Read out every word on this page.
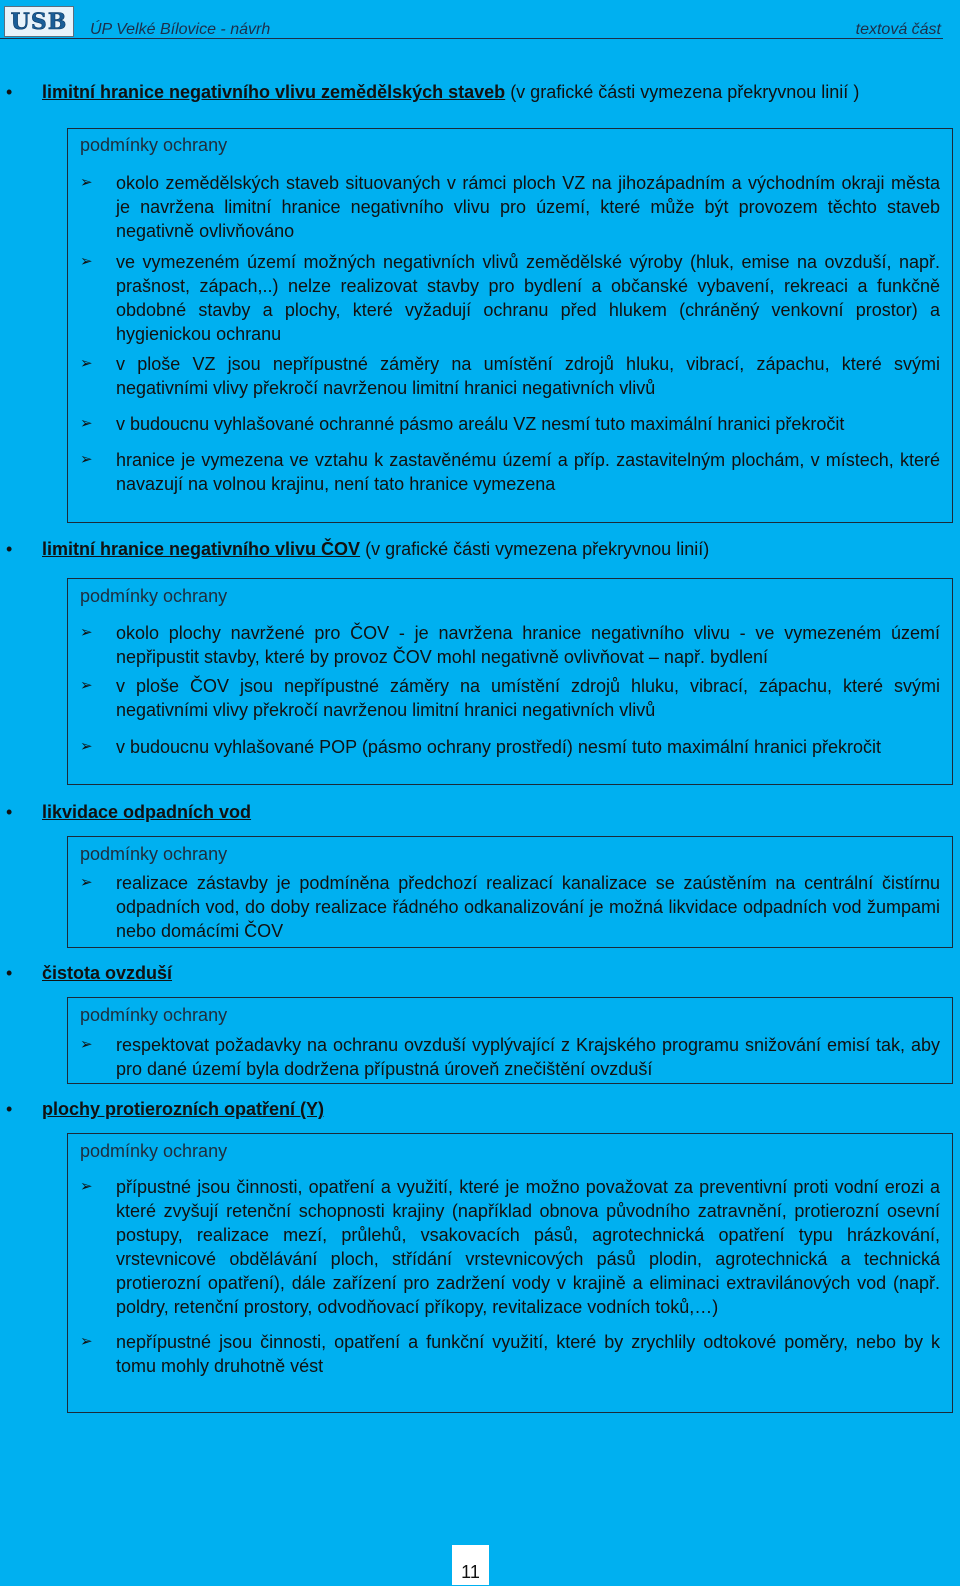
USB ÚP Velké Bílovice - návrh	textová část
• limitní hranice negativního vlivu zemědělských staveb (v grafické části vymezena překryvnou linií )
podmínky ochrany
➢ okolo zemědělských staveb situovaných v rámci ploch VZ na jihozápadním a východním okraji města je navržena limitní hranice negativního vlivu pro území, které může být provozem těchto staveb negativně ovlivňováno
➢ ve vymezeném území možných negativních vlivů zemědělské výroby (hluk, emise na ovzduší, např. prašnost, zápach,..) nelze realizovat stavby pro bydlení a občanské vybavení, rekreaci a funkčně obdobné stavby a plochy, které vyžadují ochranu před hlukem (chráněný venkovní prostor) a hygienickou ochranu
➢ v ploše VZ jsou nepřípustné záměry na umístění zdrojů hluku, vibrací, zápachu, které svými negativními vlivy překročí navrženou limitní hranici negativních vlivů
➢ v budoucnu vyhlašované ochranné pásmo areálu VZ nesmí tuto maximální hranici překročit
➢ hranice je vymezena ve vztahu k zastavěnému území a příp. zastavitelným plochám, v místech, které navazují na volnou krajinu, není tato hranice vymezena
• limitní hranice negativního vlivu ČOV (v grafické části vymezena překryvnou linií)
podmínky ochrany
➢ okolo plochy navržené pro ČOV - je navržena hranice negativního vlivu - ve vymezeném území nepřipustit stavby, které by provoz ČOV mohl negativně ovlivňovat – např. bydlení
➢ v ploše ČOV jsou nepřípustné záměry na umístění zdrojů hluku, vibrací, zápachu, které svými negativními vlivy překročí navrženou limitní hranici negativních vlivů
➢ v budoucnu vyhlašované POP (pásmo ochrany prostředí) nesmí tuto maximální hranici překročit
• likvidace odpadních vod
podmínky ochrany
➢ realizace zástavby je podmíněna předchozí realizací kanalizace se zaústěním na centrální čistírnu odpadních vod, do doby realizace řádného odkanalizování je možná likvidace odpadních vod žumpami nebo domácími ČOV
• čistota ovzduší
podmínky ochrany
➢ respektovat požadavky na ochranu ovzduší vyplývající z Krajského programu snižování emisí tak, aby pro dané území byla dodržena přípustná úroveň znečištění ovzduší
• plochy protierozních opatření (Y)
podmínky ochrany
➢ přípustné jsou činnosti, opatření a využití, které je možno považovat za preventivní proti vodní erozi a které zvyšují retenční schopnosti krajiny (například obnova původního zatravnění, protierozní osevní postupy, realizace mezí, průlehů, vsakovacích pásů, agrotechnická opatření typu hrázkování, vrstevnicové obdělávání ploch, střídání vrstevnicových pásů plodin, agrotechnická a technická protierozní opatření), dále zařízení pro zadržení vody v krajině a eliminaci extravilánových vod (např. poldry, retenční prostory, odvodňovací příkopy, revitalizace vodních toků,…)
➢ nepřípustné jsou činnosti, opatření a funkční využití, které by zrychlily odtokové poměry, nebo by k tomu mohly druhotně vést
11
